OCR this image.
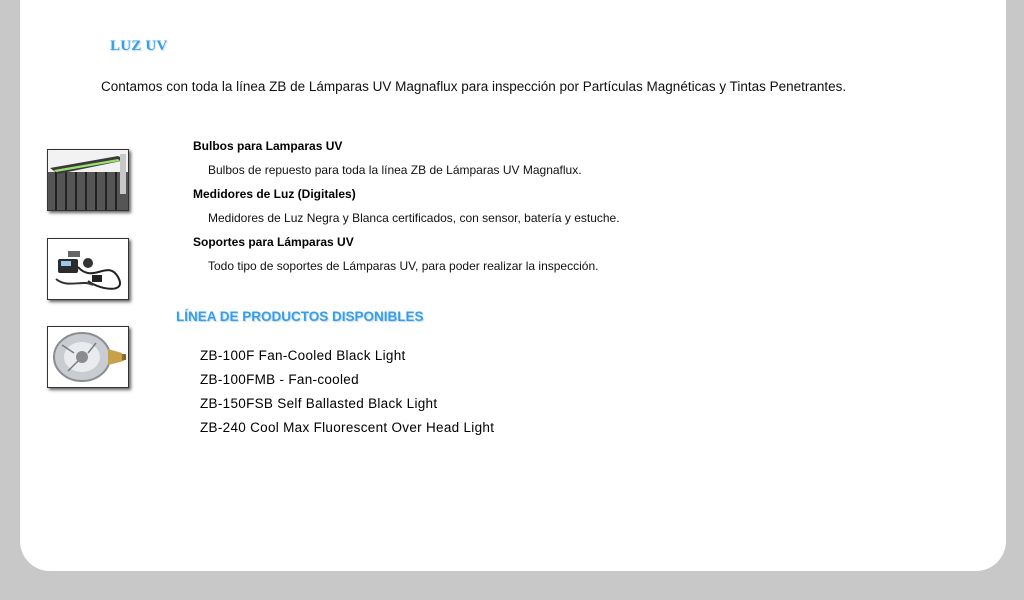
LUZ UV
Contamos con toda la línea ZB de Lámparas UV Magnaflux para inspección por Partículas Magnéticas y Tintas Penetrantes.
Bulbos para Lamparas UV
Bulbos de repuesto para toda la línea ZB de Lámparas UV Magnaflux.
Medidores de Luz (Digitales)
Medidores de Luz Negra y Blanca certificados, con sensor, batería y estuche.
Soportes para Lámparas UV
Todo tipo de soportes de Lámparas UV, para poder realizar la inspección.
LÍNEA DE PRODUCTOS DISPONIBLES
ZB-100F Fan-Cooled Black Light
ZB-100FMB - Fan-cooled
ZB-150FSB Self Ballasted Black Light
ZB-240 Cool Max Fluorescent Over Head Light
